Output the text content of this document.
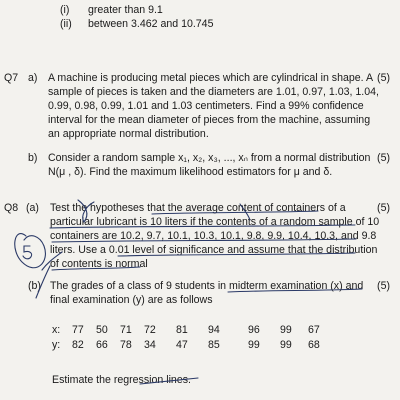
(i) greater than 9.1
(ii) between 3.462 and 10.745
Q7 a)	(5)
A machine is producing metal pieces which are cylindrical in shape. A
sample of pieces is taken and the diameters are 1.01, 0.97, 1.03, 1.04,
0.99, 0.98, 0.99, 1.01 and 1.03 centimeters. Find a 99% confidence
interval for the mean diameter of pieces from the machine, assuming
an appropriate normal distribution.
b)	(5)
Consider a random sample x₁, x₂, x₃, ..., xₙ from a normal distribution
N(μ , δ). Find the maximum likelihood estimators for μ and δ.
Q8 (a)	(5)
Test the hypotheses that the average content of containers of a
particular lubricant is 10 liters if the contents of a random sample of 10
containers are 10.2, 9.7, 10.1, 10.3, 10.1, 9.8, 9.9, 10.4, 10.3, and 9.8
liters. Use a 0.01 level of significance and assume that the distribution
of contents is normal
(b)	(5)
The grades of a class of 9 students in midterm examination (x) and
final examination (y) are as follows
x:	77	50	71	72	81	94	96	99	67
y:	82	66	78	34	47	85	99	99	68
Estimate the regression lines.
